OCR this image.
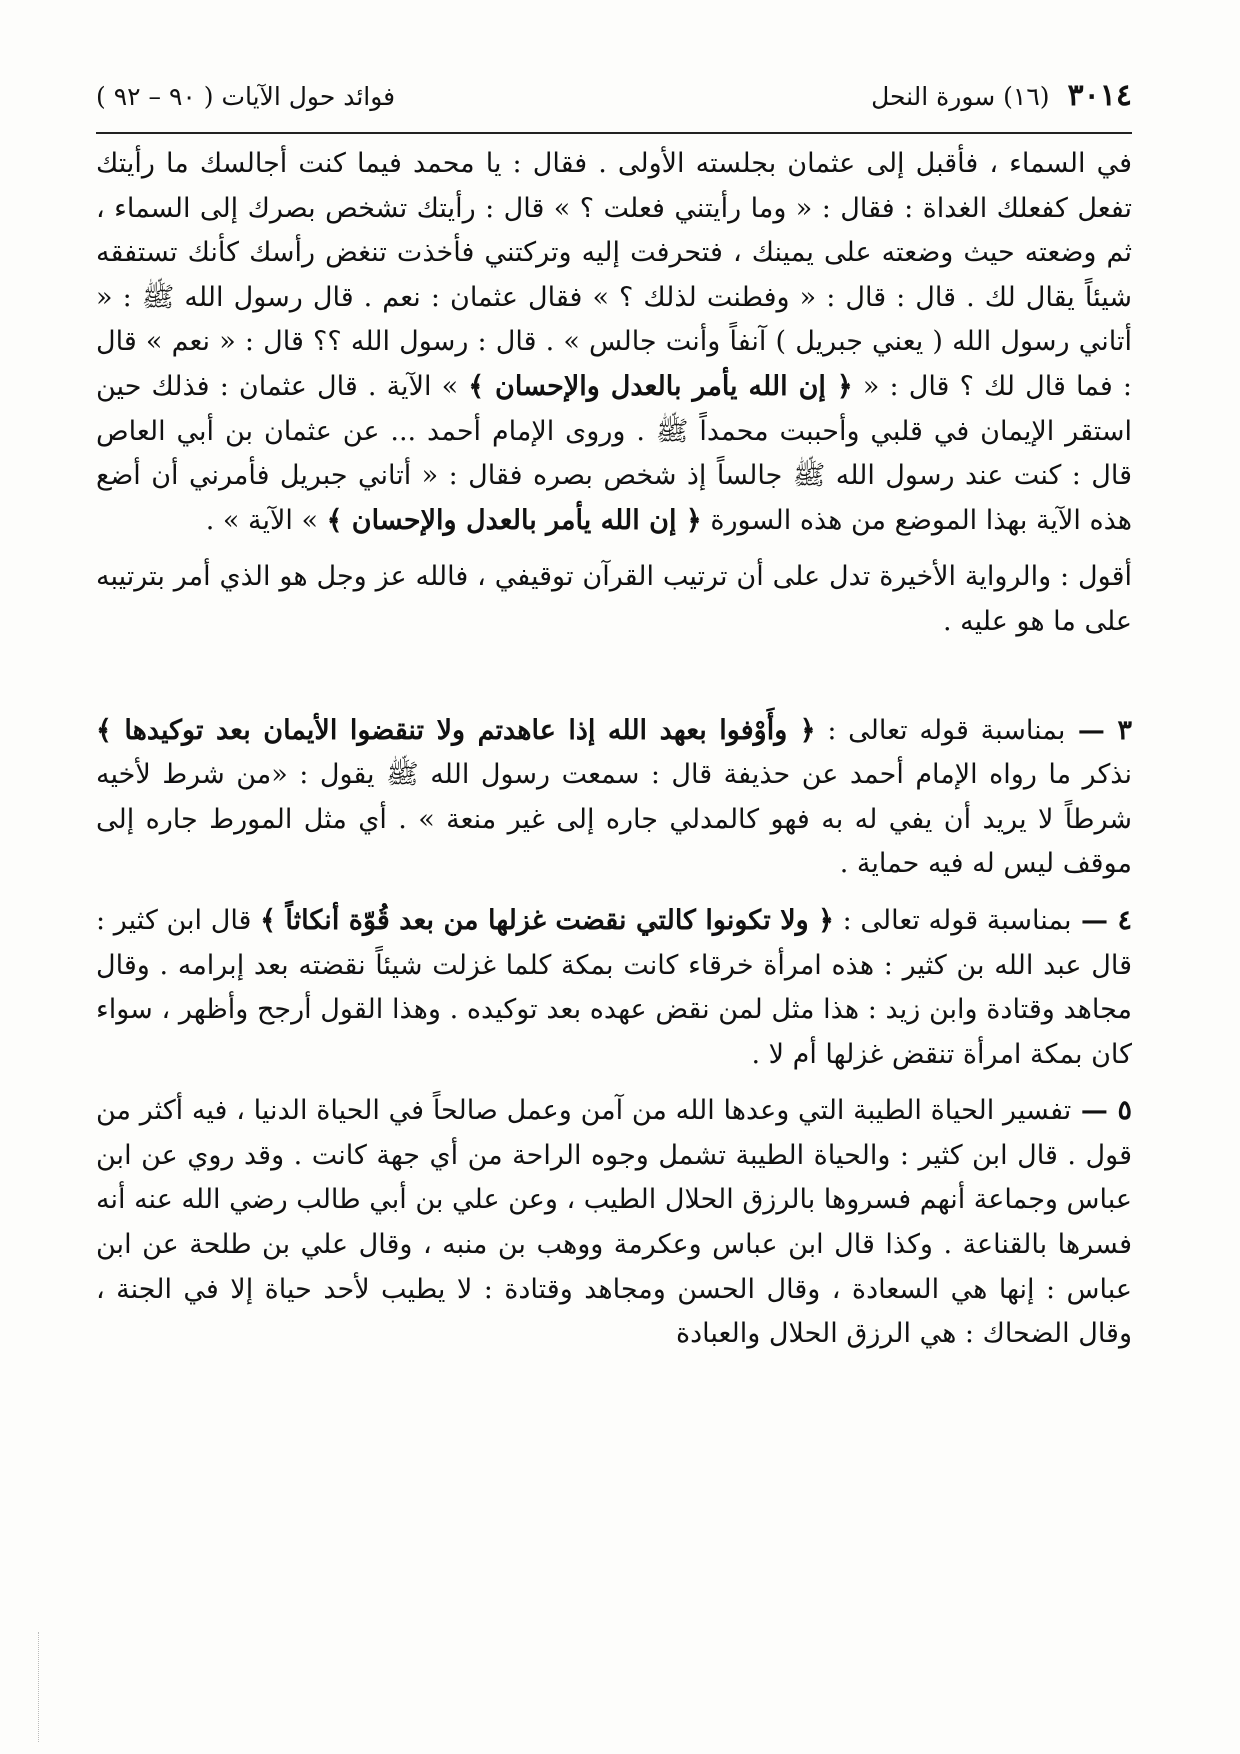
٣٠١٤(١٦) سورة النحل
فوائد حول الآيات ( ٩٠ – ٩٢ )

في السماء ، فأقبل إلى عثمان بجلسته الأولى . فقال : يا محمد فيما كنت أجالسك ما رأيتك تفعل كفعلك الغداة : فقال : « وما رأيتني فعلت ؟ » قال : رأيتك تشخص بصرك إلى السماء ، ثم وضعته حيث وضعته على يمينك ، فتحرفت إليه وتركتني فأخذت تنغض رأسك كأنك تستفقه شيئاً يقال لك . قال : قال : « وفطنت لذلك ؟ » فقال عثمان : نعم . قال رسول الله ﷺ : « أتاني رسول الله ( يعني جبريل ) آنفاً وأنت جالس » . قال : رسول الله ؟؟ قال : « نعم » قال : فما قال لك ؟ قال : « ﴿ إن الله يأمر بالعدل والإحسان ﴾ » الآية . قال عثمان : فذلك حين استقر الإيمان في قلبي وأحببت محمداً ﷺ . وروى الإمام أحمد ... عن عثمان بن أبي العاص قال : كنت عند رسول الله ﷺ جالساً إذ شخص بصره فقال : « أتاني جبريل فأمرني أن أضع هذه الآية بهذا الموضع من هذه السورة ﴿ إن الله يأمر بالعدل والإحسان ﴾ » الآية » .

أقول : والرواية الأخيرة تدل على أن ترتيب القرآن توقيفي ، فالله عز وجل هو الذي أمر بترتيبه على ما هو عليه .

٣ — بمناسبة قوله تعالى : ﴿ وأَوْفوا بعهد الله إذا عاهدتم ولا تنقضوا الأيمان بعد توكيدها ﴾ نذكر ما رواه الإمام أحمد عن حذيفة قال : سمعت رسول الله ﷺ يقول : «من شرط لأخيه شرطاً لا يريد أن يفي له به فهو كالمدلي جاره إلى غير منعة » . أي مثل المورط جاره إلى موقف ليس له فيه حماية .

٤ — بمناسبة قوله تعالى : ﴿ ولا تكونوا كالتي نقضت غزلها من بعد قُوّة أنكاثاً ﴾ قال ابن كثير : قال عبد الله بن كثير : هذه امرأة خرقاء كانت بمكة كلما غزلت شيئاً نقضته بعد إبرامه . وقال مجاهد وقتادة وابن زيد : هذا مثل لمن نقض عهده بعد توكيده . وهذا القول أرجح وأظهر ، سواء كان بمكة امرأة تنقض غزلها أم لا .

٥ — تفسير الحياة الطيبة التي وعدها الله من آمن وعمل صالحاً في الحياة الدنيا ، فيه أكثر من قول . قال ابن كثير : والحياة الطيبة تشمل وجوه الراحة من أي جهة كانت . وقد روي عن ابن عباس وجماعة أنهم فسروها بالرزق الحلال الطيب ، وعن علي بن أبي طالب رضي الله عنه أنه فسرها بالقناعة . وكذا قال ابن عباس وعكرمة ووهب بن منبه ، وقال علي بن طلحة عن ابن عباس : إنها هي السعادة ، وقال الحسن ومجاهد وقتادة : لا يطيب لأحد حياة إلا في الجنة ، وقال الضحاك : هي الرزق الحلال والعبادة
